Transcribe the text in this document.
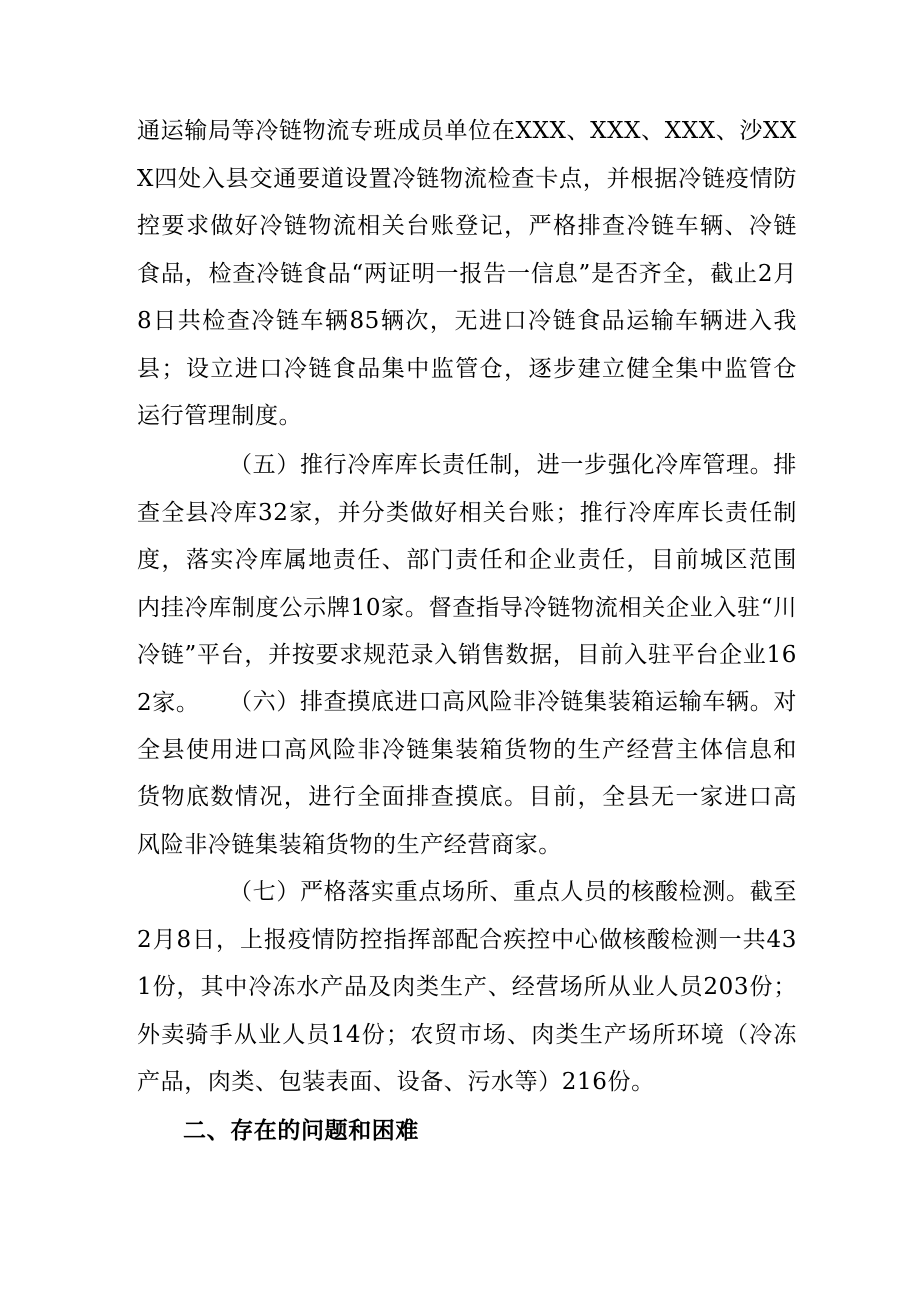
通运输局等冷链物流专班成员单位在XXX、XXX、XXX、沙XXX四处入县交通要道设置冷链物流检查卡点，并根据冷链疫情防控要求做好冷链物流相关台账登记，严格排查冷链车辆、冷链食品，检查冷链食品“两证明一报告一信息”是否齐全，截止2月8日共检查冷链车辆85辆次，无进口冷链食品运输车辆进入我县；设立进口冷链食品集中监管仓，逐步建立健全集中监管仓运行管理制度。

（五）推行冷库库长责任制，进一步强化冷库管理。排查全县冷库32家，并分类做好相关台账；推行冷库库长责任制度，落实冷库属地责任、部门责任和企业责任，目前城区范围内挂冷库制度公示牌10家。督查指导冷链物流相关企业入驻“川冷链”平台，并按要求规范录入销售数据，目前入驻平台企业162家。	（六）排查摸底进口高风险非冷链集装箱运输车辆。对全县使用进口高风险非冷链集装箱货物的生产经营主体信息和货物底数情况，进行全面排查摸底。目前，全县无一家进口高风险非冷链集装箱货物的生产经营商家。

（七）严格落实重点场所、重点人员的核酸检测。截至2月8日，上报疫情防控指挥部配合疾控中心做核酸检测一共431份，其中冷冻水产品及肉类生产、经营场所从业人员203份；外卖骑手从业人员14份；农贸市场、肉类生产场所环境（冷冻产品，肉类、包装表面、设备、污水等）216份。

二、存在的问题和困难
